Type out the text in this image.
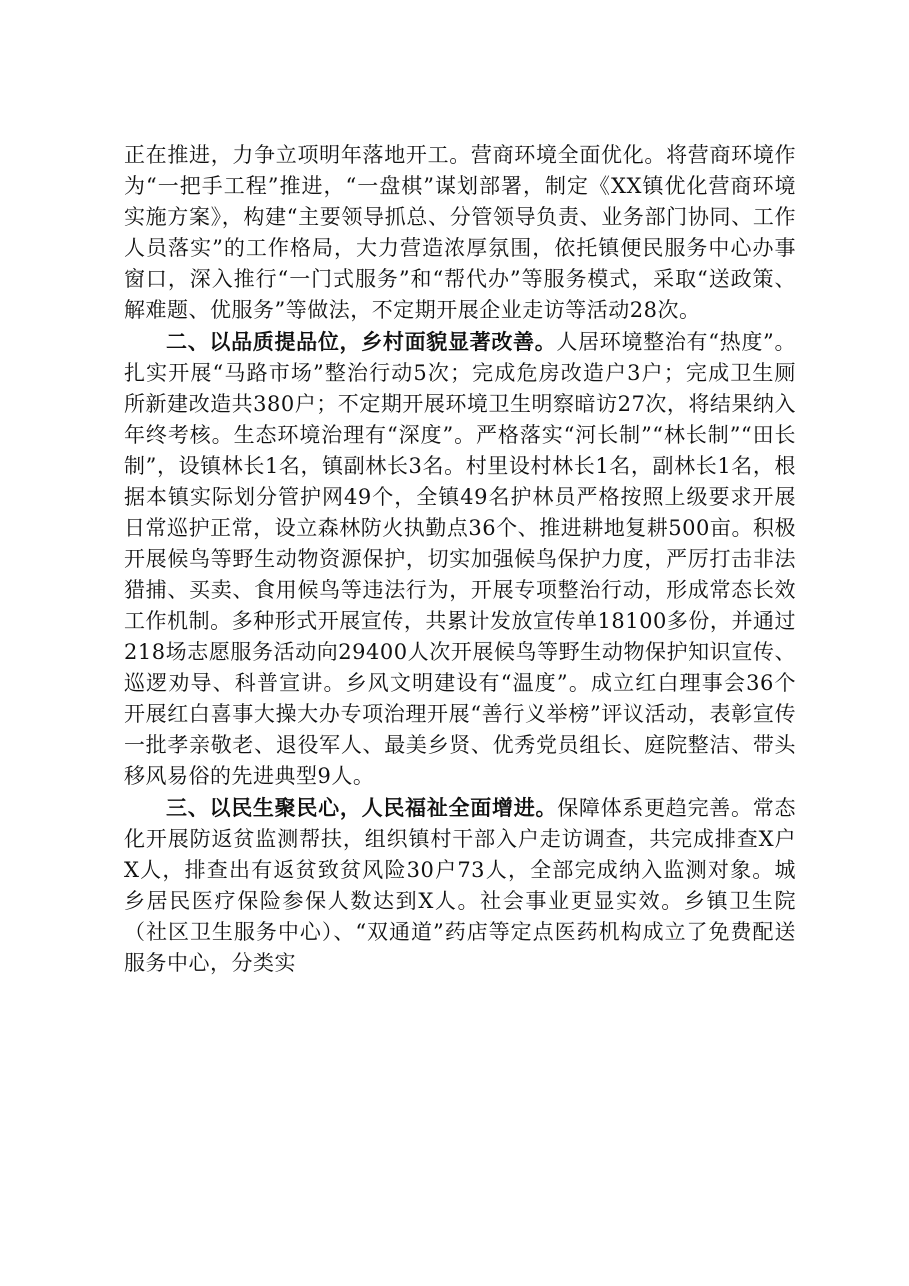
正在推进，力争立项明年落地开工。营商环境全面优化。将营商环境作为“一把手工程”推进，“一盘棋”谋划部署，制定《XX镇优化营商环境实施方案》，构建“主要领导抓总、分管领导负责、业务部门协同、工作人员落实”的工作格局，大力营造浓厚氛围，依托镇便民服务中心办事窗口，深入推行“一门式服务”和“帮代办”等服务模式，采取“送政策、解难题、优服务”等做法，不定期开展企业走访等活动28次。

二、以品质提品位，乡村面貌显著改善。人居环境整治有“热度”。扎实开展“马路市场”整治行动5次；完成危房改造户3户；完成卫生厕所新建改造共380户；不定期开展环境卫生明察暗访27次，将结果纳入年终考核。生态环境治理有“深度”。严格落实“河长制”“林长制”“田长制”，设镇林长1名，镇副林长3名。村里设村林长1名，副林长1名，根据本镇实际划分管护网49个，全镇49名护林员严格按照上级要求开展日常巡护正常，设立森林防火执勤点36个、推进耕地复耕500亩。积极开展候鸟等野生动物资源保护，切实加强候鸟保护力度，严厉打击非法猎捕、买卖、食用候鸟等违法行为，开展专项整治行动，形成常态长效工作机制。多种形式开展宣传，共累计发放宣传单18100多份，并通过218场志愿服务活动向29400人次开展候鸟等野生动物保护知识宣传、巡逻劝导、科普宣讲。乡风文明建设有“温度”。成立红白理事会36个开展红白喜事大操大办专项治理开展“善行义举榜”评议活动，表彰宣传一批孝亲敬老、退役军人、最美乡贤、优秀党员组长、庭院整洁、带头移风易俗的先进典型9人。

三、以民生聚民心，人民福祉全面增进。保障体系更趋完善。常态化开展防返贫监测帮扶，组织镇村干部入户走访调查，共完成排查X户X人，排查出有返贫致贫风险30户73人，全部完成纳入监测对象。城乡居民医疗保险参保人数达到X人。社会事业更显实效。乡镇卫生院（社区卫生服务中心）、“双通道”药店等定点医药机构成立了免费配送服务中心，分类实
